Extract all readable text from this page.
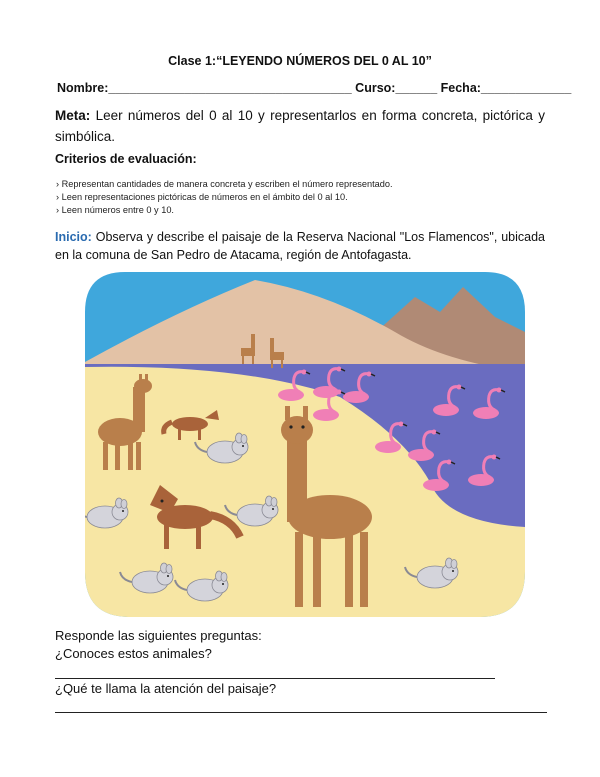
Clase 1:“LEYENDO NÚMEROS DEL 0 AL 10”
Nombre:___________________________________ Curso:______ Fecha:_____________
Meta: Leer números del 0 al 10 y representarlos en forma concreta, pictórica y simbólica.
Criterios de evaluación:
› Representan cantidades de manera concreta y escriben el número representado.
› Leen representaciones pictóricas de números en el ámbito del 0 al 10.
› Leen números entre 0 y 10.
Inicio: Observa y describe el paisaje de la Reserva Nacional "Los Flamencos", ubicada en la comuna de San Pedro de Atacama, región de Antofagasta.
Responde las siguientes preguntas:
¿Conoces estos animales?
¿Qué te llama la atención del paisaje?
